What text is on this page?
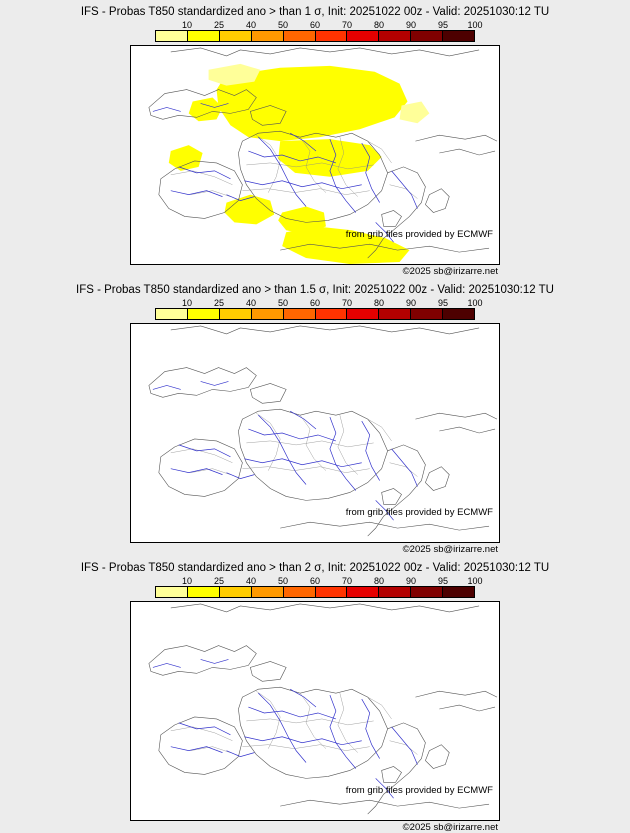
IFS - Probas T850 standardized ano > than 1 σ, Init: 20251022 00z - Valid: 20251030:12 TU
10 25 40 50 60 70 80 90 95 100
from grib files provided by ECMWF
©2025 sb@irizarre.net
IFS - Probas T850 standardized ano > than 1.5 σ, Init: 20251022 00z - Valid: 20251030:12 TU
10 25 40 50 60 70 80 90 95 100
from grib files provided by ECMWF
©2025 sb@irizarre.net
IFS - Probas T850 standardized ano > than 2 σ, Init: 20251022 00z - Valid: 20251030:12 TU
10 25 40 50 60 70 80 90 95 100
from grib files provided by ECMWF
©2025 sb@irizarre.net
